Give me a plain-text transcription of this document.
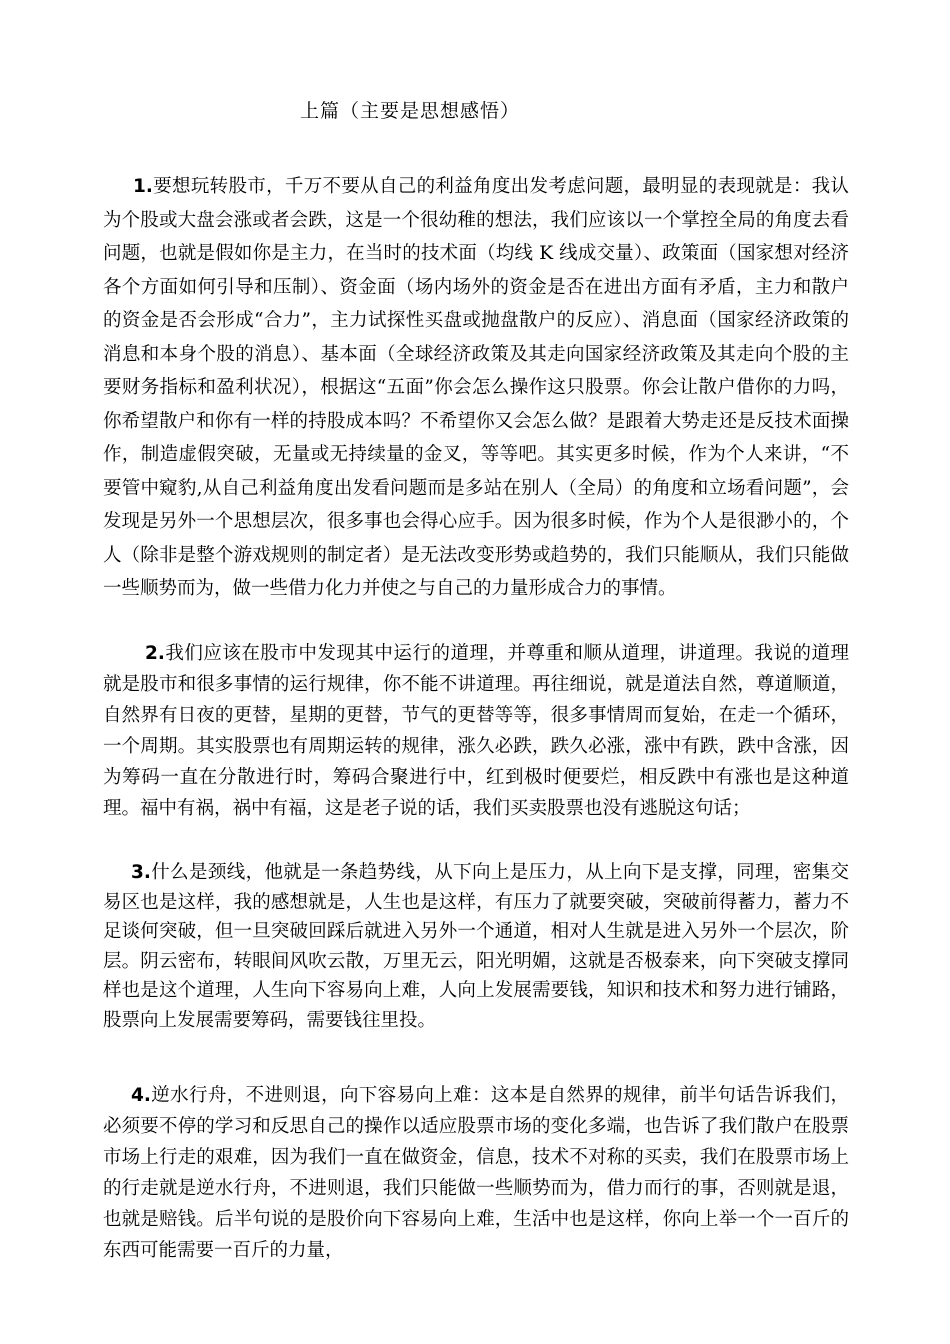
上篇（主要是思想感悟）

1.要想玩转股市，千万不要从自己的利益角度出发考虑问题，最明显的表现就是：我认为个股或大盘会涨或者会跌，这是一个很幼稚的想法，我们应该以一个掌控全局的角度去看问题，也就是假如你是主力，在当时的技术面（均线 K 线成交量）、政策面（国家想对经济各个方面如何引导和压制）、资金面（场内场外的资金是否在进出方面有矛盾，主力和散户的资金是否会形成“合力”，主力试探性买盘或抛盘散户的反应）、消息面（国家经济政策的消息和本身个股的消息）、基本面（全球经济政策及其走向国家经济政策及其走向个股的主要财务指标和盈利状况），根据这“五面”你会怎么操作这只股票。你会让散户借你的力吗，你希望散户和你有一样的持股成本吗？不希望你又会怎么做？是跟着大势走还是反技术面操作，制造虚假突破，无量或无持续量的金叉，等等吧。其实更多时候，作为个人来讲，“不要管中窥豹,从自己利益角度出发看问题而是多站在别人（全局）的角度和立场看问题”，会发现是另外一个思想层次，很多事也会得心应手。因为很多时候，作为个人是很渺小的，个人（除非是整个游戏规则的制定者）是无法改变形势或趋势的，我们只能顺从，我们只能做一些顺势而为，做一些借力化力并使之与自己的力量形成合力的事情。

2.我们应该在股市中发现其中运行的道理，并尊重和顺从道理，讲道理。我说的道理就是股市和很多事情的运行规律，你不能不讲道理。再往细说，就是道法自然，尊道顺道，自然界有日夜的更替，星期的更替，节气的更替等等，很多事情周而复始，在走一个循环，一个周期。其实股票也有周期运转的规律，涨久必跌，跌久必涨，涨中有跌，跌中含涨，因为筹码一直在分散进行时，筹码合聚进行中，红到极时便要烂，相反跌中有涨也是这种道理。福中有祸，祸中有福，这是老子说的话，我们买卖股票也没有逃脱这句话；

3.什么是颈线，他就是一条趋势线，从下向上是压力，从上向下是支撑，同理，密集交易区也是这样，我的感想就是，人生也是这样，有压力了就要突破，突破前得蓄力，蓄力不足谈何突破，但一旦突破回踩后就进入另外一个通道，相对人生就是进入另外一个层次，阶层。阴云密布，转眼间风吹云散，万里无云，阳光明媚，这就是否极泰来，向下突破支撑同样也是这个道理，人生向下容易向上难，人向上发展需要钱，知识和技术和努力进行铺路，股票向上发展需要筹码，需要钱往里投。

4.逆水行舟，不进则退，向下容易向上难：这本是自然界的规律，前半句话告诉我们，必须要不停的学习和反思自己的操作以适应股票市场的变化多端，也告诉了我们散户在股票市场上行走的艰难，因为我们一直在做资金，信息，技术不对称的买卖，我们在股票市场上的行走就是逆水行舟，不进则退，我们只能做一些顺势而为，借力而行的事，否则就是退，也就是赔钱。后半句说的是股价向下容易向上难，生活中也是这样，你向上举一个一百斤的东西可能需要一百斤的力量，
